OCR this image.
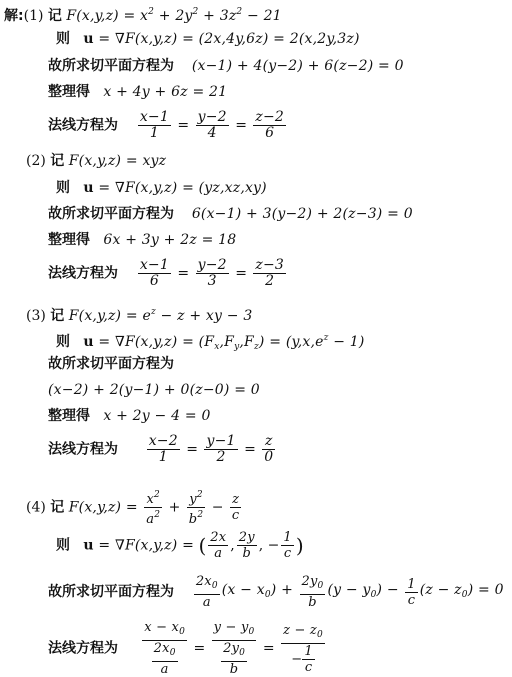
解:(1) 记 $F(x,y,z) = x^2 + 2y^2 + 3z^2 - 21$
则 u = ∇F(x,y,z) = (2x,4y,6z) = 2(x,2y,3z)
故所求切平面方程为 (x−1) + 4(y−2) + 6(z−2) = 0
整理得 x + 4y + 6z = 21
法线方程为 $\frac{x-1}{1} = \frac{y-2}{4} = \frac{z-2}{6}$
(2) 记 F(x,y,z) = xyz
则 u = ∇F(x,y,z) = (yz,xz,xy)
故所求切平面方程为 6(x−1) + 3(y−2) + 2(z−3) = 0
整理得 6x + 3y + 2z = 18
法线方程为 $\frac{x-1}{6} = \frac{y-2}{3} = \frac{z-3}{2}$
(3) 记 $F(x,y,z) = e^z - z$ + xy − 3
则 $u = \nabla F(x,y,z) = (F_x,F_y,F_z) = (y,x,e^z - 1)$
故所求切平面方程为
(x−2) + 2(y−1) + 0(z−0) = 0
整理得 x + 2y − 4 = 0
法线方程为 $\frac{x-2}{1} = \frac{y-1}{2} = \frac{z}{0}$
(4) 记 $F(x,y,z) = \frac{x^2}{a^2} + \frac{y^2}{b^2} - \frac{z}{c}$
则 u = ∇F(x,y,z) = ( $\frac{2x}{a}$ , $\frac{2y}{b}$ , − $\frac{1}{c}$ )
故所求切平面方程为 $\frac{2x_0}{a} (x - x_0) + \frac{2y_0}{b} (y - y_0) - \frac{1}{c} (z - z_0) = 0$
法线方程为 $\frac{x - x_0}{\frac{2x_0}{a}} = \frac{y - y_0}{\frac{2y_0}{b}} = \frac{z - z_0}{- \frac{1}{c}}$
